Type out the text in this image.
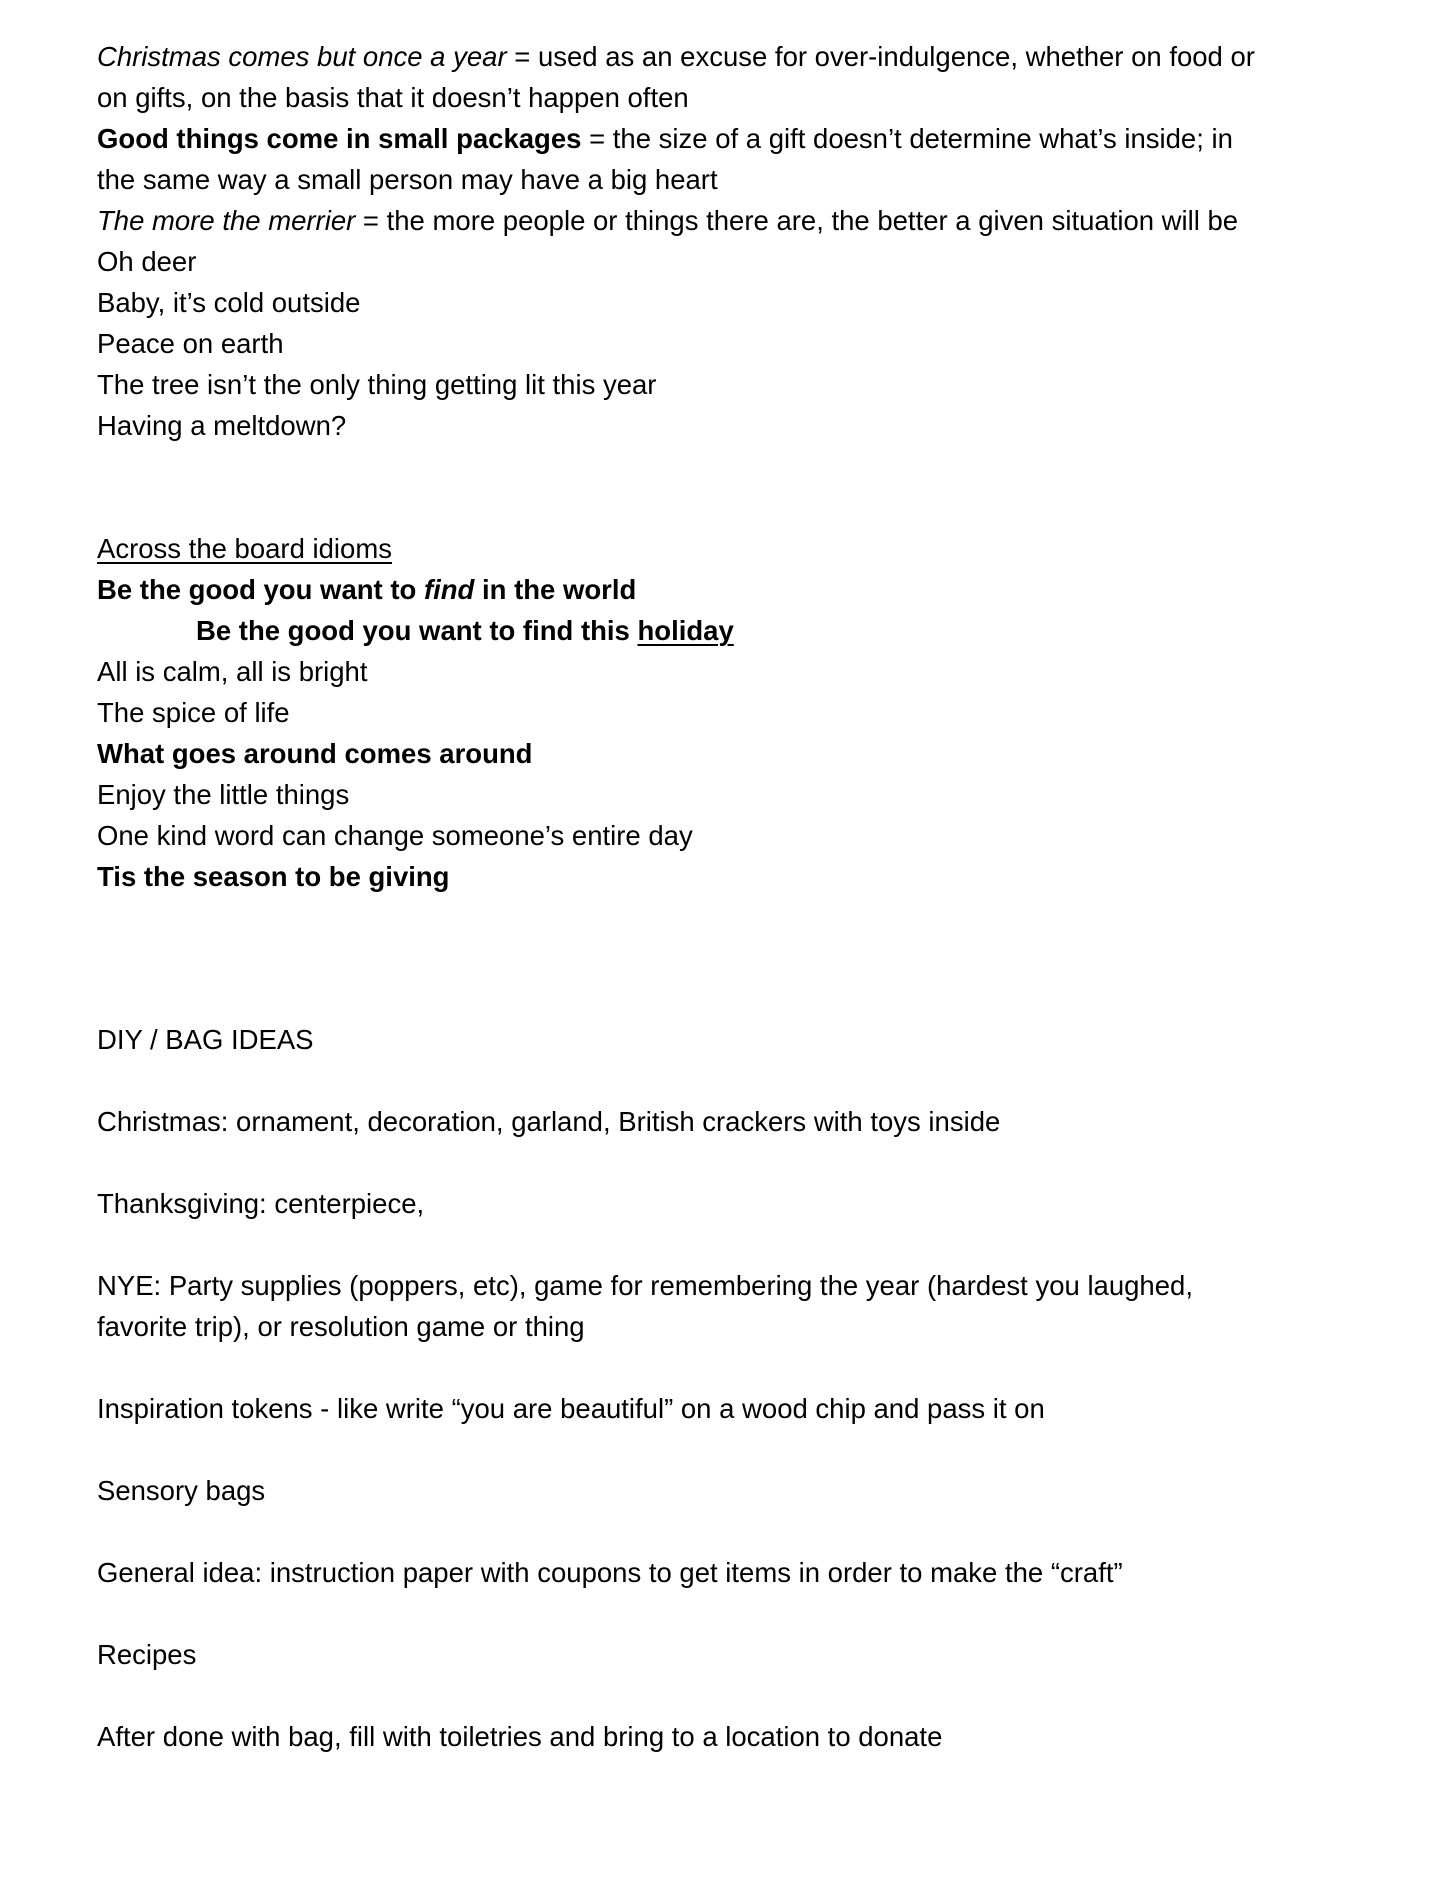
Christmas comes but once a year = used as an excuse for over-indulgence, whether on food or
on gifts, on the basis that it doesn’t happen often
Good things come in small packages = the size of a gift doesn’t determine what’s inside; in
the same way a small person may have a big heart
The more the merrier = the more people or things there are, the better a given situation will be
Oh deer
Baby, it’s cold outside
Peace on earth
The tree isn’t the only thing getting lit this year
Having a meltdown?
Across the board idioms
Be the good you want to find in the world
Be the good you want to find this holiday
All is calm, all is bright
The spice of life
What goes around comes around
Enjoy the little things
One kind word can change someone’s entire day
Tis the season to be giving
DIY / BAG IDEAS
Christmas: ornament, decoration, garland, British crackers with toys inside
Thanksgiving: centerpiece,
NYE: Party supplies (poppers, etc), game for remembering the year (hardest you laughed,
favorite trip), or resolution game or thing
Inspiration tokens - like write “you are beautiful” on a wood chip and pass it on
Sensory bags
General idea: instruction paper with coupons to get items in order to make the “craft”
Recipes
After done with bag, fill with toiletries and bring to a location to donate
